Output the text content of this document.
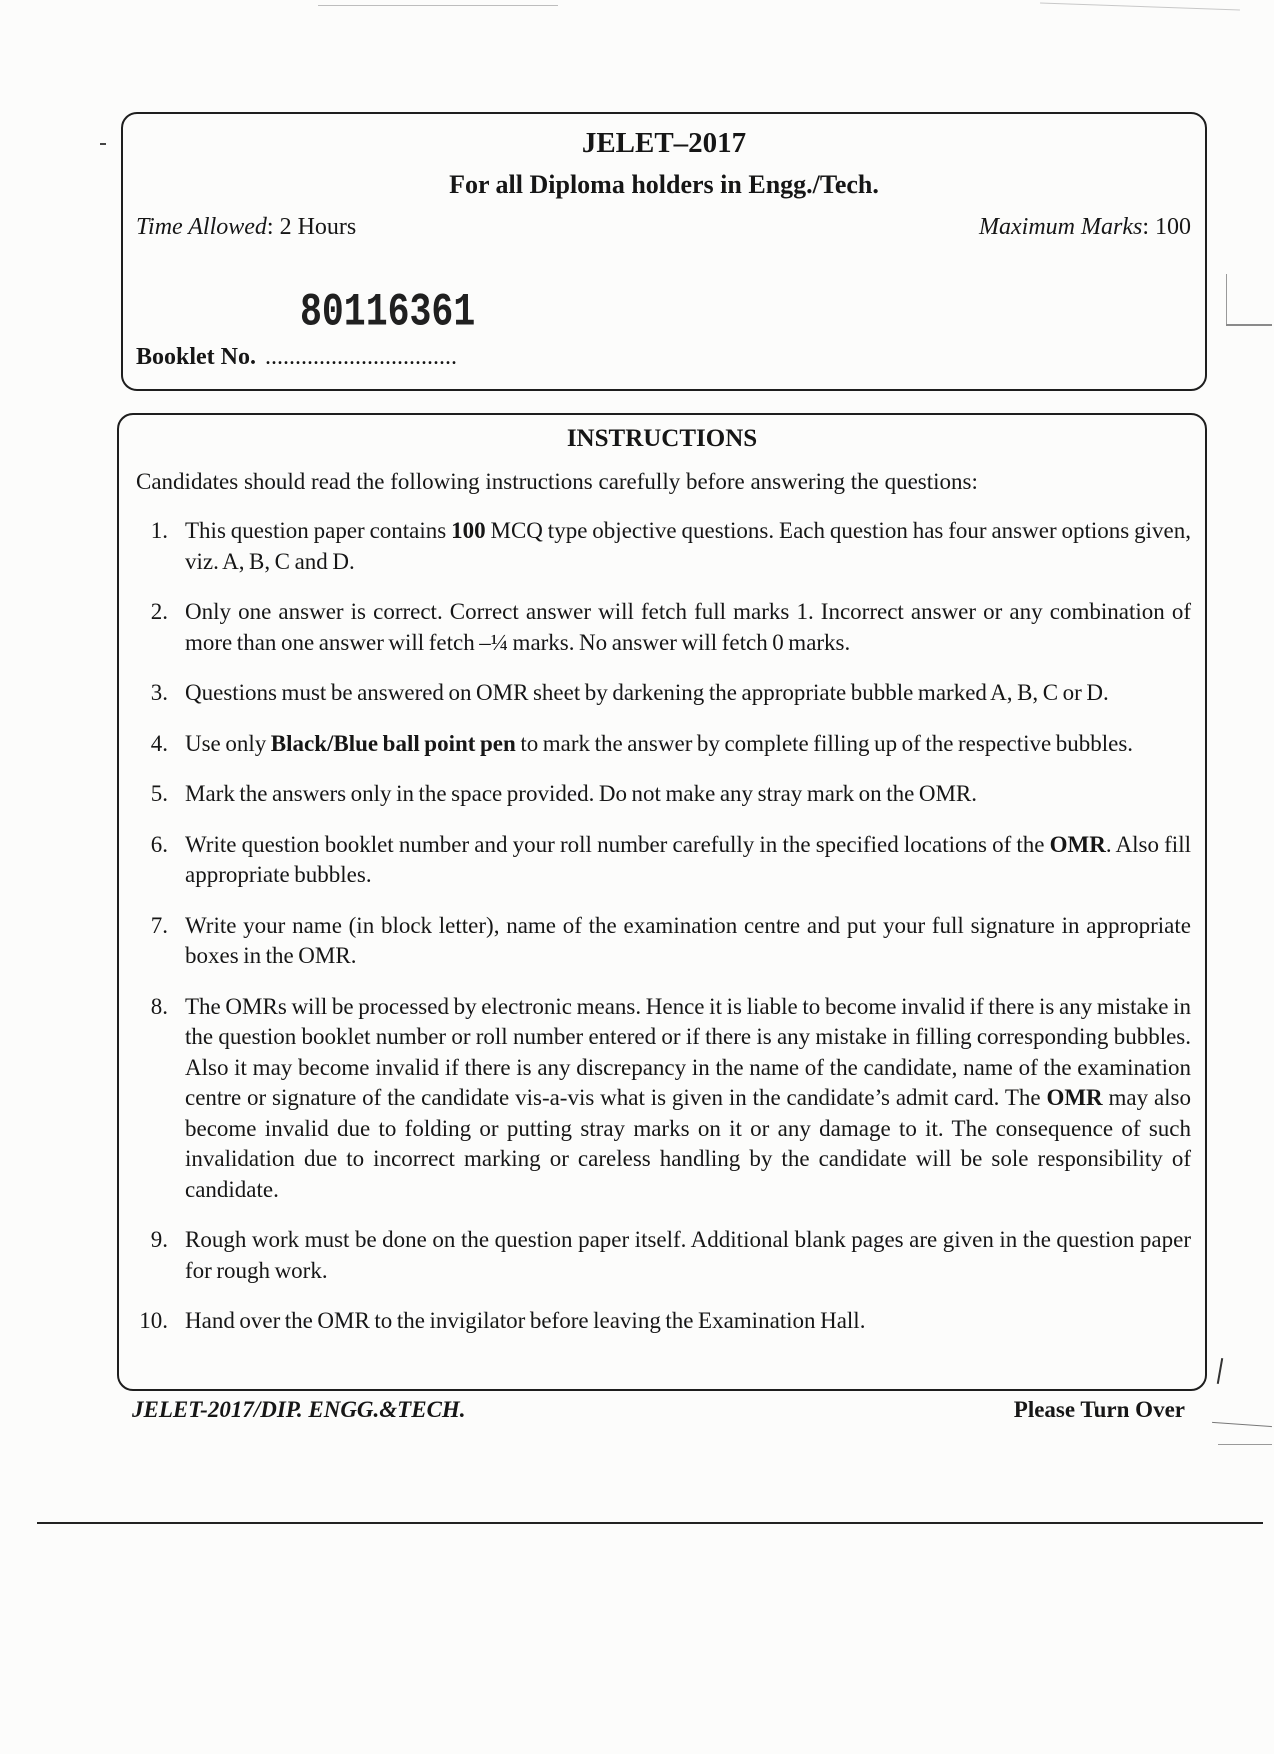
JELET–2017
For all Diploma holders in Engg./Tech.
Time Allowed: 2 Hours	Maximum Marks: 100
80116361
Booklet No. ................................
INSTRUCTIONS
Candidates should read the following instructions carefully before answering the questions:
1. This question paper contains 100 MCQ type objective questions. Each question has four answer options given, viz. A, B, C and D.
2. Only one answer is correct. Correct answer will fetch full marks 1. Incorrect answer or any combination of more than one answer will fetch –¼ marks. No answer will fetch 0 marks.
3. Questions must be answered on OMR sheet by darkening the appropriate bubble marked A, B, C or D.
4. Use only Black/Blue ball point pen to mark the answer by complete filling up of the respective bubbles.
5. Mark the answers only in the space provided. Do not make any stray mark on the OMR.
6. Write question booklet number and your roll number carefully in the specified locations of the OMR. Also fill appropriate bubbles.
7. Write your name (in block letter), name of the examination centre and put your full signature in appropriate boxes in the OMR.
8. The OMRs will be processed by electronic means. Hence it is liable to become invalid if there is any mistake in the question booklet number or roll number entered or if there is any mistake in filling corresponding bubbles. Also it may become invalid if there is any discrepancy in the name of the candidate, name of the examination centre or signature of the candidate vis-a-vis what is given in the candidate’s admit card. The OMR may also become invalid due to folding or putting stray marks on it or any damage to it. The consequence of such invalidation due to incorrect marking or careless handling by the candidate will be sole responsibility of candidate.
9. Rough work must be done on the question paper itself. Additional blank pages are given in the question paper for rough work.
10. Hand over the OMR to the invigilator before leaving the Examination Hall.
JELET-2017/DIP. ENGG.&TECH.	Please Turn Over
